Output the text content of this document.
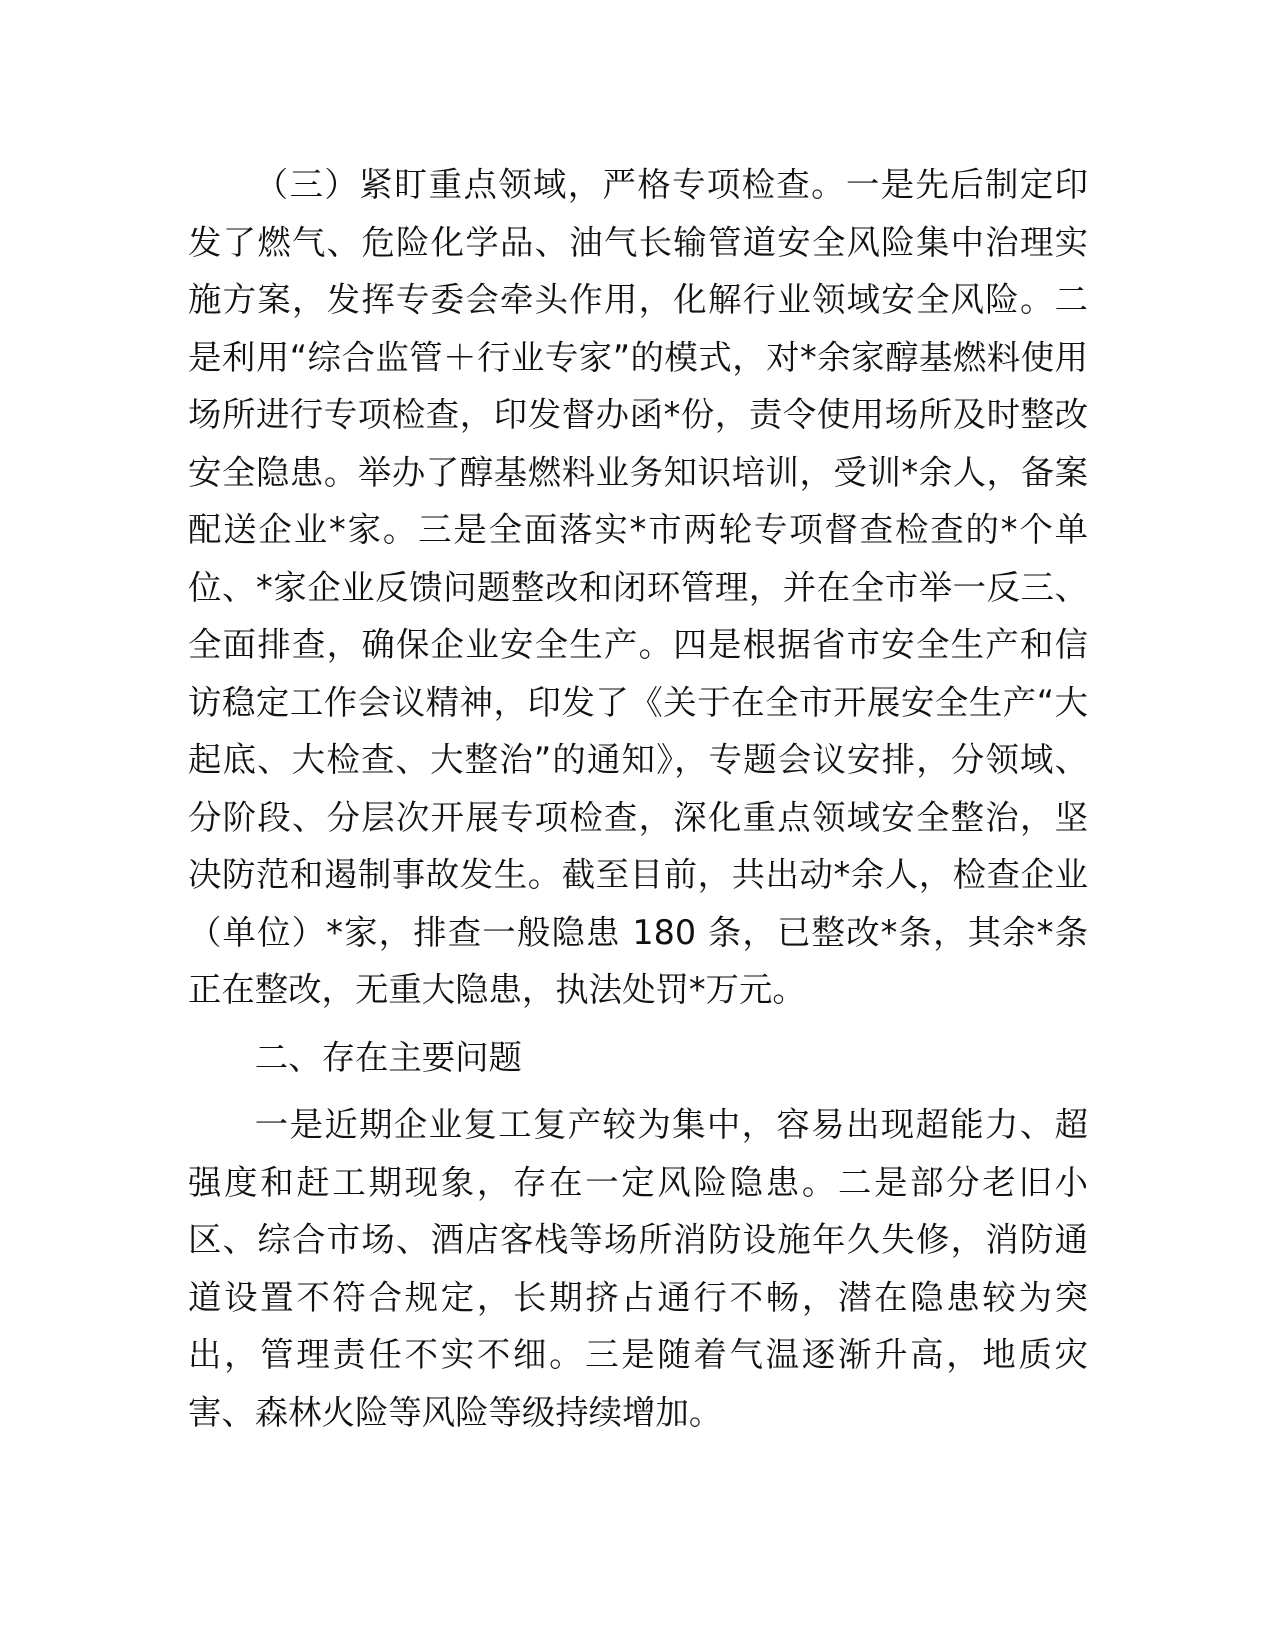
（三）紧盯重点领域，严格专项检查。一是先后制定印发了燃气、危险化学品、油气长输管道安全风险集中治理实施方案，发挥专委会牵头作用，化解行业领域安全风险。二是利用“综合监管＋行业专家”的模式，对*余家醇基燃料使用场所进行专项检查，印发督办函*份，责令使用场所及时整改安全隐患。举办了醇基燃料业务知识培训，受训*余人，备案配送企业*家。三是全面落实*市两轮专项督查检查的*个单位、*家企业反馈问题整改和闭环管理，并在全市举一反三、全面排查，确保企业安全生产。四是根据省市安全生产和信访稳定工作会议精神，印发了《关于在全市开展安全生产“大起底、大检查、大整治”的通知》，专题会议安排，分领域、分阶段、分层次开展专项检查，深化重点领域安全整治，坚决防范和遏制事故发生。截至目前，共出动*余人，检查企业（单位）*家，排查一般隐患 180 条，已整改*条，其余*条正在整改，无重大隐患，执法处罚*万元。

二、存在主要问题

一是近期企业复工复产较为集中，容易出现超能力、超强度和赶工期现象，存在一定风险隐患。二是部分老旧小区、综合市场、酒店客栈等场所消防设施年久失修，消防通道设置不符合规定，长期挤占通行不畅，潜在隐患较为突出，管理责任不实不细。三是随着气温逐渐升高，地质灾害、森林火险等风险等级持续增加。
